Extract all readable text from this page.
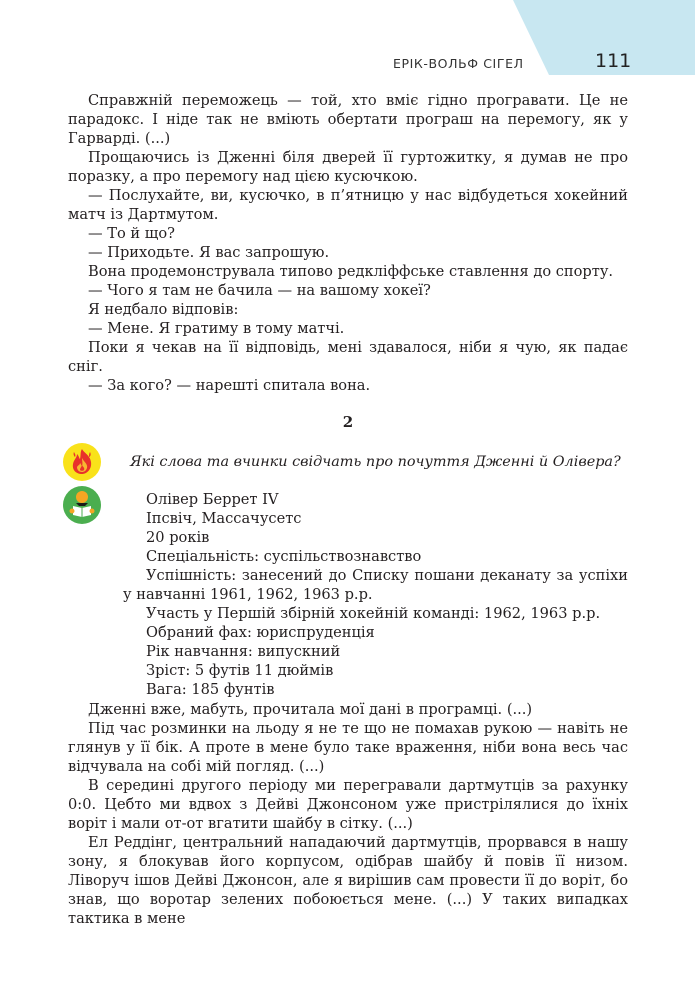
ЕРІК-ВОЛЬФ СІГЕЛ	111

Справжній переможець — той, хто вміє гідно програвати. Це не парадокс. І ніде так не вміють обертати програш на перемогу, як у Гарварді. (...)

Прощаючись із Дженні біля дверей її гуртожитку, я думав не про поразку, а про перемогу над цією кусючкою.

— Послухайте, ви, кусючко, в п’ятницю у нас відбудеться хокейний матч із Дартмутом.

— То й що?

— Приходьте. Я вас запрошую.

Вона продемонструвала типово редкліффське ставлення до спорту.

— Чого я там не бачила — на вашому хокеї?

Я недбало відповів:

— Мене. Я гратиму в тому матчі.

Поки я чекав на її відповідь, мені здавалося, ніби я чую, як падає сніг.

— За кого? — нарешті спитала вона.

2
Які слова та вчинки свідчать про почуття Дженні й Олівера?
Олівер Беррет IV
Іпсвіч, Массачусетс
20 років
Спеціальність: суспільствознавство
Успішність: занесений до Списку пошани деканату за успіхи у навчанні 1961, 1962, 1963 р.р.
Участь у Першій збірній хокейній команді: 1962, 1963 р.р.
Обраний фах: юриспруденція
Рік навчання: випускний
Зріст: 5 футів 11 дюймів
Вага: 185 фунтів

Дженні вже, мабуть, прочитала мої дані в програмці. (...)

Під час розминки на льоду я не те що не помахав рукою — навіть не глянув у її бік. А проте в мене було таке враження, ніби вона весь час відчувала на собі мій погляд. (...)

В середині другого періоду ми перегравали дартмутців за рахунку 0:0. Цебто ми вдвох з Дейві Джонсоном уже пристрілялися до їхніх воріт і мали от-от вгатити шайбу в сітку. (...)

Ел Реддінг, центральний нападаючий дартмутців, прорвався в нашу зону, я блокував його корпусом, одібрав шайбу й повів її низом. Ліворуч ішов Дейві Джонсон, але я вирішив сам провести її до воріт, бо знав, що воротар зелених побоюється мене. (...) У таких випадках тактика в мене
